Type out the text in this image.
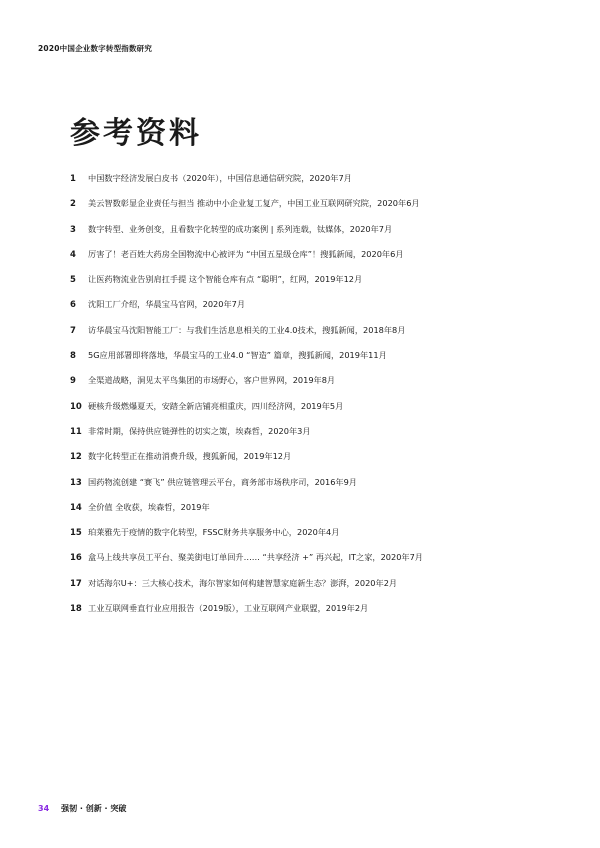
2020中国企业数字转型指数研究
参考资料
1	中国数字经济发展白皮书（2020年），中国信息通信研究院，2020年7月
2	美云智数彰显企业责任与担当 推动中小企业复工复产，中国工业互联网研究院，2020年6月
3	数字转型、业务创变，且看数字化转型的成功案例 | 系列连载，钛媒体，2020年7月
4	厉害了！老百姓大药房全国物流中心被评为 “中国五星级仓库”！搜狐新闻，2020年6月
5	让医药物流业告别肩扛手提 这个智能仓库有点 “聪明”，红网，2019年12月
6	沈阳工厂介绍，华晨宝马官网，2020年7月
7	访华晨宝马沈阳智能工厂：与我们生活息息相关的工业4.0技术，搜狐新闻，2018年8月
8	5G应用部署即将落地，华晨宝马的工业4.0 “智造” 篇章，搜狐新闻，2019年11月
9	全渠道战略，洞见太平鸟集团的市场野心，客户世界网，2019年8月
10 硬核升级燃爆夏天，安踏全新店铺亮相重庆，四川经济网，2019年5月
11 非常时期，保持供应链弹性的切实之策，埃森哲，2020年3月
12 数字化转型正在推动消费升级，搜狐新闻，2019年12月
13 国药物流创建 “赛飞” 供应链管理云平台，商务部市场秩序司，2016年9月
14 全价值 全收获，埃森哲，2019年
15 珀莱雅先于疫情的数字化转型，FSSC财务共享服务中心，2020年4月
16 盒马上线共享员工平台、聚美街电订单回升…… “共享经济 +” 再兴起，IT之家，2020年7月
17 对话海尔U+：三大核心技术，海尔智家如何构建智慧家庭新生态？澎湃，2020年2月
18 工业互联网垂直行业应用报告（2019版），工业互联网产业联盟，2019年2月
34 强韧 · 创新 · 突破
